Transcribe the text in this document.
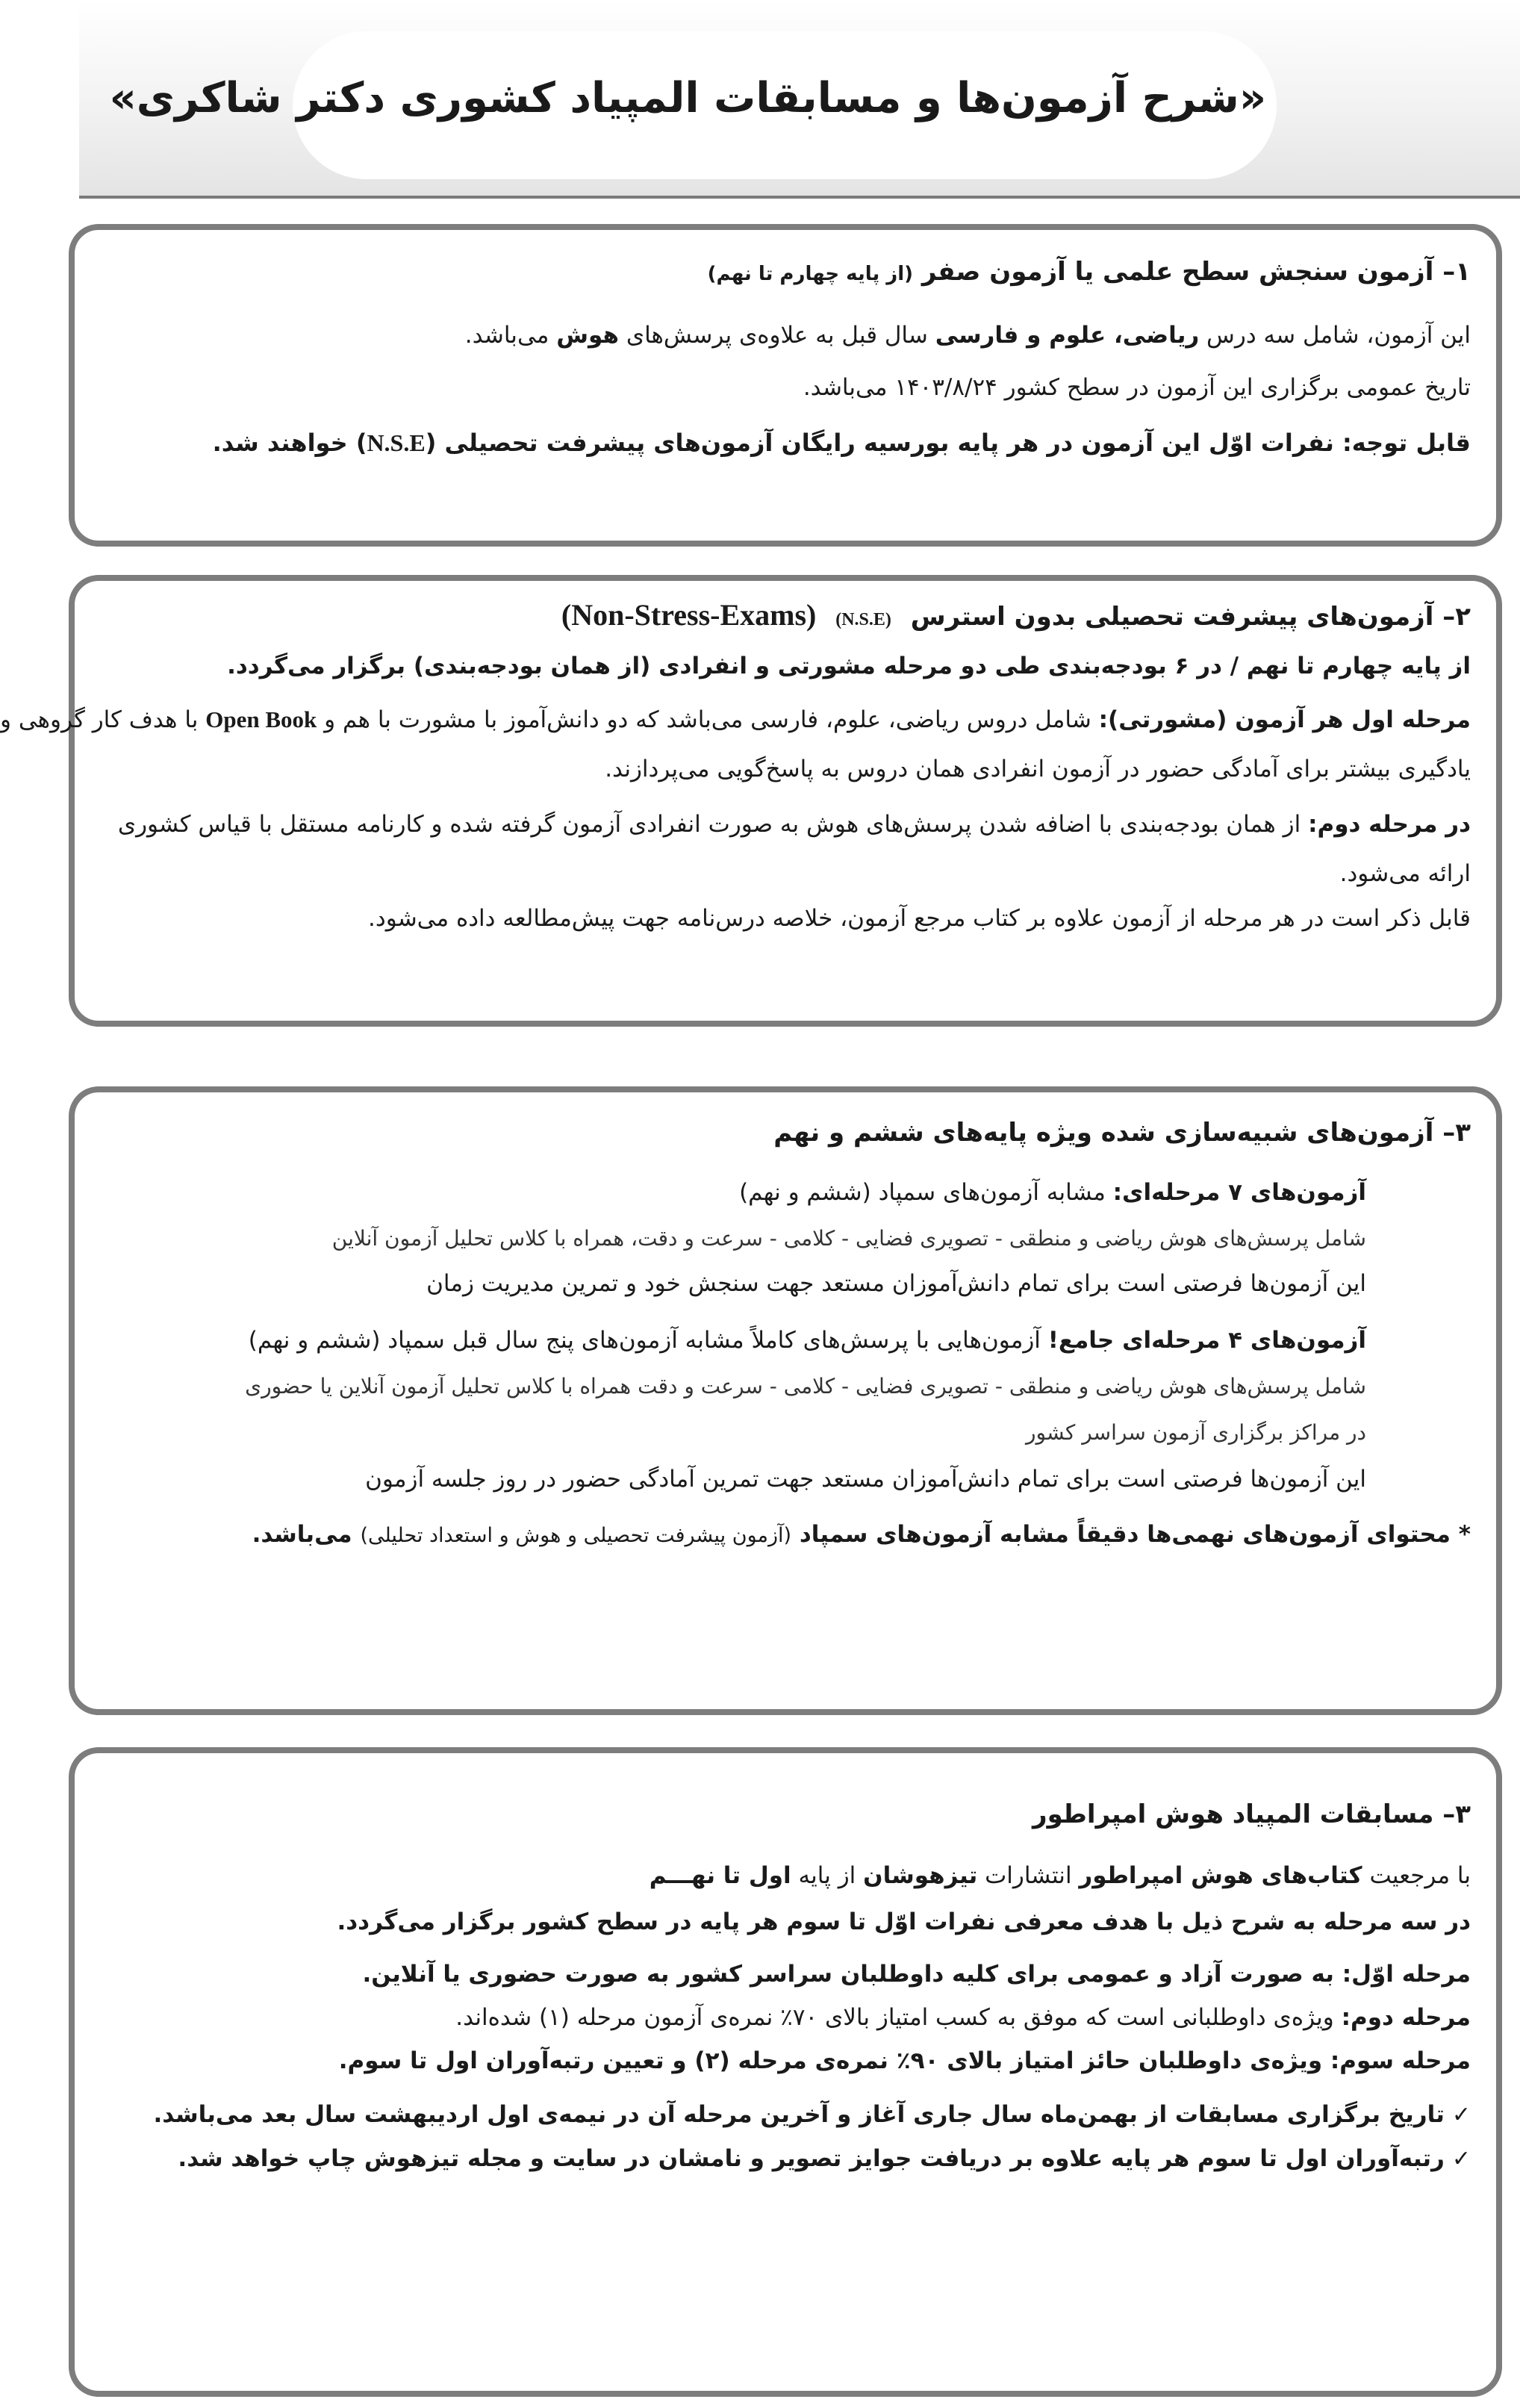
«شرح آزمون‌ها و مسابقات المپیاد کشوری دکتر شاکری»
۱– آزمون سنجش سطح علمی یا آزمون صفر (از پایه چهارم تا نهم)
این آزمون، شامل سه درس ریاضی، علوم و فارسی سال قبل به علاوه‌ی پرسش‌های هوش می‌باشد.
تاریخ عمومی برگزاری این آزمون در سطح کشور ۱۴۰۳/۸/۲۴ می‌باشد.
قابل توجه: نفرات اوّل این آزمون در هر پایه بورسیه رایگان آزمون‌های پیشرفت تحصیلی (N.S.E) خواهند شد.
۲– آزمون‌های پیشرفت تحصیلی بدون استرس (N.S.E) (Non-Stress-Exams)
از پایه چهارم تا نهم / در ۶ بودجه‌بندی طی دو مرحله مشورتی و انفرادی (از همان بودجه‌بندی) برگزار می‌گردد.
مرحله اول هر آزمون (مشورتی): شامل دروس ریاضی، علوم، فارسی می‌باشد که دو دانش‌آموز با مشورت با هم و Open Book با هدف کار گروهی و
یادگیری بیشتر برای آمادگی حضور در آزمون انفرادی همان دروس به پاسخ‌گویی می‌پردازند.
در مرحله دوم: از همان بودجه‌بندی با اضافه شدن پرسش‌های هوش به صورت انفرادی آزمون گرفته شده و کارنامه مستقل با قیاس کشوری
ارائه می‌شود.
قابل ذکر است در هر مرحله از آزمون علاوه بر کتاب مرجع آزمون، خلاصه درس‌نامه جهت پیش‌مطالعه داده می‌شود.
۳– آزمون‌های شبیه‌سازی شده ویژه پایه‌های ششم و نهم
آزمون‌های ۷ مرحله‌ای: مشابه آزمون‌های سمپاد (ششم و نهم)
شامل پرسش‌های هوش ریاضی و منطقی - تصویری فضایی - کلامی - سرعت و دقت، همراه با کلاس تحلیل آزمون آنلاین
این آزمون‌ها فرصتی است برای تمام دانش‌آموزان مستعد جهت سنجش خود و تمرین مدیریت زمان
آزمون‌های ۴ مرحله‌ای جامع! آزمون‌هایی با پرسش‌های کاملاً مشابه آزمون‌های پنج سال قبل سمپاد (ششم و نهم)
شامل پرسش‌های هوش ریاضی و منطقی - تصویری فضایی - کلامی - سرعت و دقت همراه با کلاس تحلیل آزمون آنلاین یا حضوری
در مراکز برگزاری آزمون سراسر کشور
این آزمون‌ها فرصتی است برای تمام دانش‌آموزان مستعد جهت تمرین آمادگی حضور در روز جلسه آزمون
* محتوای آزمون‌های نهمی‌ها دقیقاً مشابه آزمون‌های سمپاد (آزمون پیشرفت تحصیلی و هوش و استعداد تحلیلی) می‌باشد.
۳– مسابقات المپیاد هوش امپراطور
با مرجعیت کتاب‌های هوش امپراطور انتشارات تیزهوشان از پایه اول تا نهـــم
در سه مرحله به شرح ذیل با هدف معرفی نفرات اوّل تا سوم هر پایه در سطح کشور برگزار می‌گردد.
مرحله اوّل: به صورت آزاد و عمومی برای کلیه داوطلبان سراسر کشور به صورت حضوری یا آنلاین.
مرحله دوم: ویژه‌ی داوطلبانی است که موفق به کسب امتیاز بالای ۷۰٪ نمره‌ی آزمون مرحله (۱) شده‌اند.
مرحله سوم: ویژه‌ی داوطلبان حائز امتیاز بالای ۹۰٪ نمره‌ی مرحله (۲) و تعیین رتبه‌آوران اول تا سوم.
✓تاریخ برگزاری مسابقات از بهمن‌ماه سال جاری آغاز و آخرین مرحله آن در نیمه‌ی اول اردیبهشت سال بعد می‌باشد.
✓رتبه‌آوران اول تا سوم هر پایه علاوه بر دریافت جوایز تصویر و نامشان در سایت و مجله تیزهوش چاپ خواهد شد.
